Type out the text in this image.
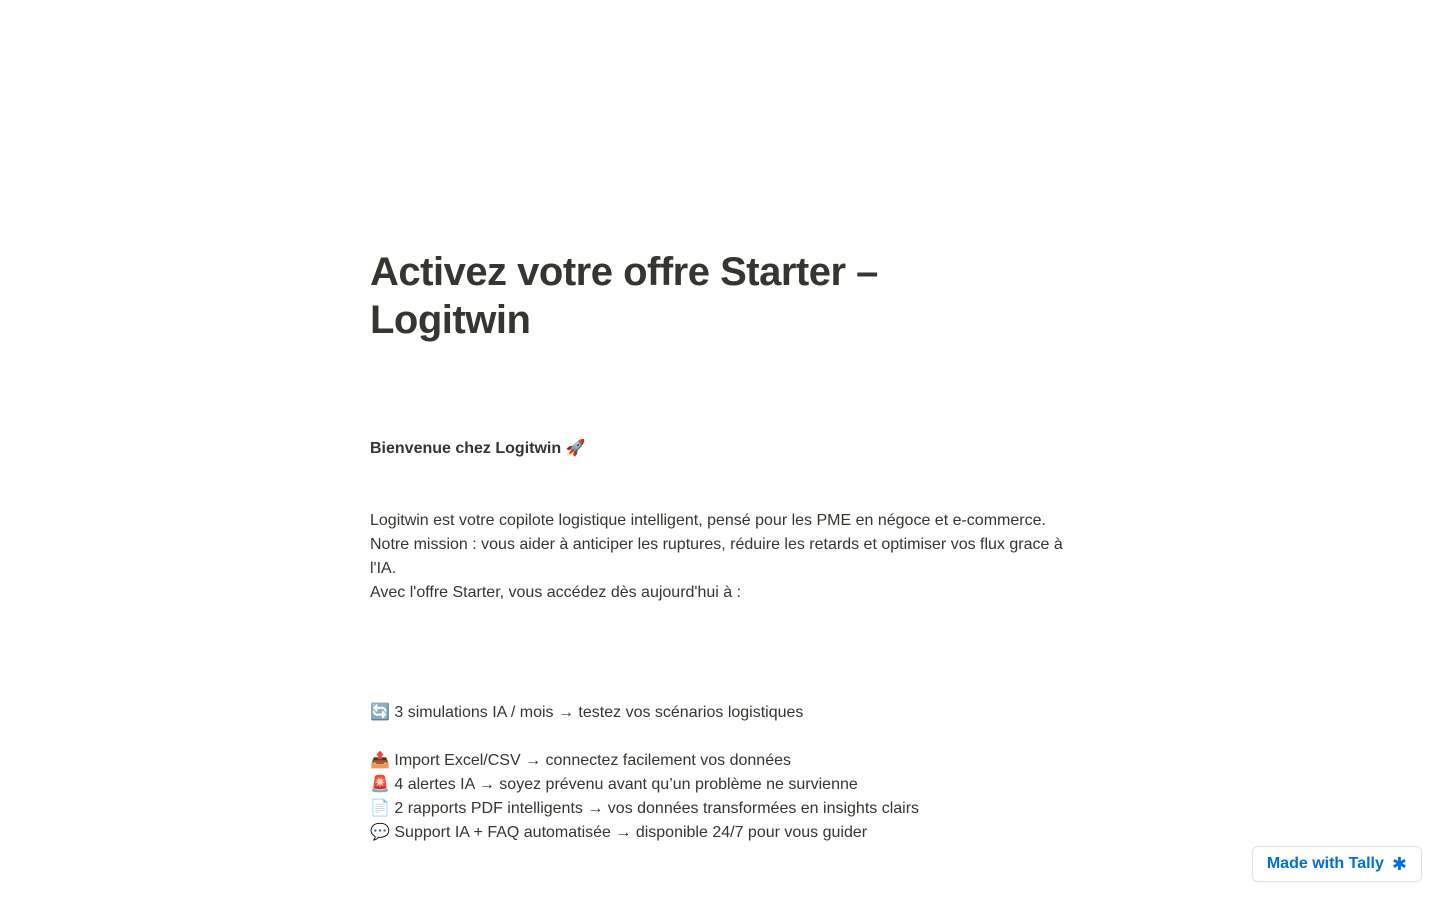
Activez votre offre Starter – Logitwin

Bienvenue chez Logitwin 🚀

Logitwin est votre copilote logistique intelligent, pensé pour les PME en négoce et e-commerce.

Notre mission : vous aider à anticiper les ruptures, réduire les retards et optimiser vos flux grace à l'IA.

Avec l'offre Starter, vous accédez dès aujourd'hui à :

🔄 3 simulations IA / mois → testez vos scénarios logistiques

📤 Import Excel/CSV → connectez facilement vos données

🚨 4 alertes IA → soyez prévenu avant qu’un problème ne survienne

📄 2 rapports PDF intelligents → vos données transformées en insights clairs

💬 Support IA + FAQ automatisée → disponible 24/7 pour vous guider

Made with Tally ✱
